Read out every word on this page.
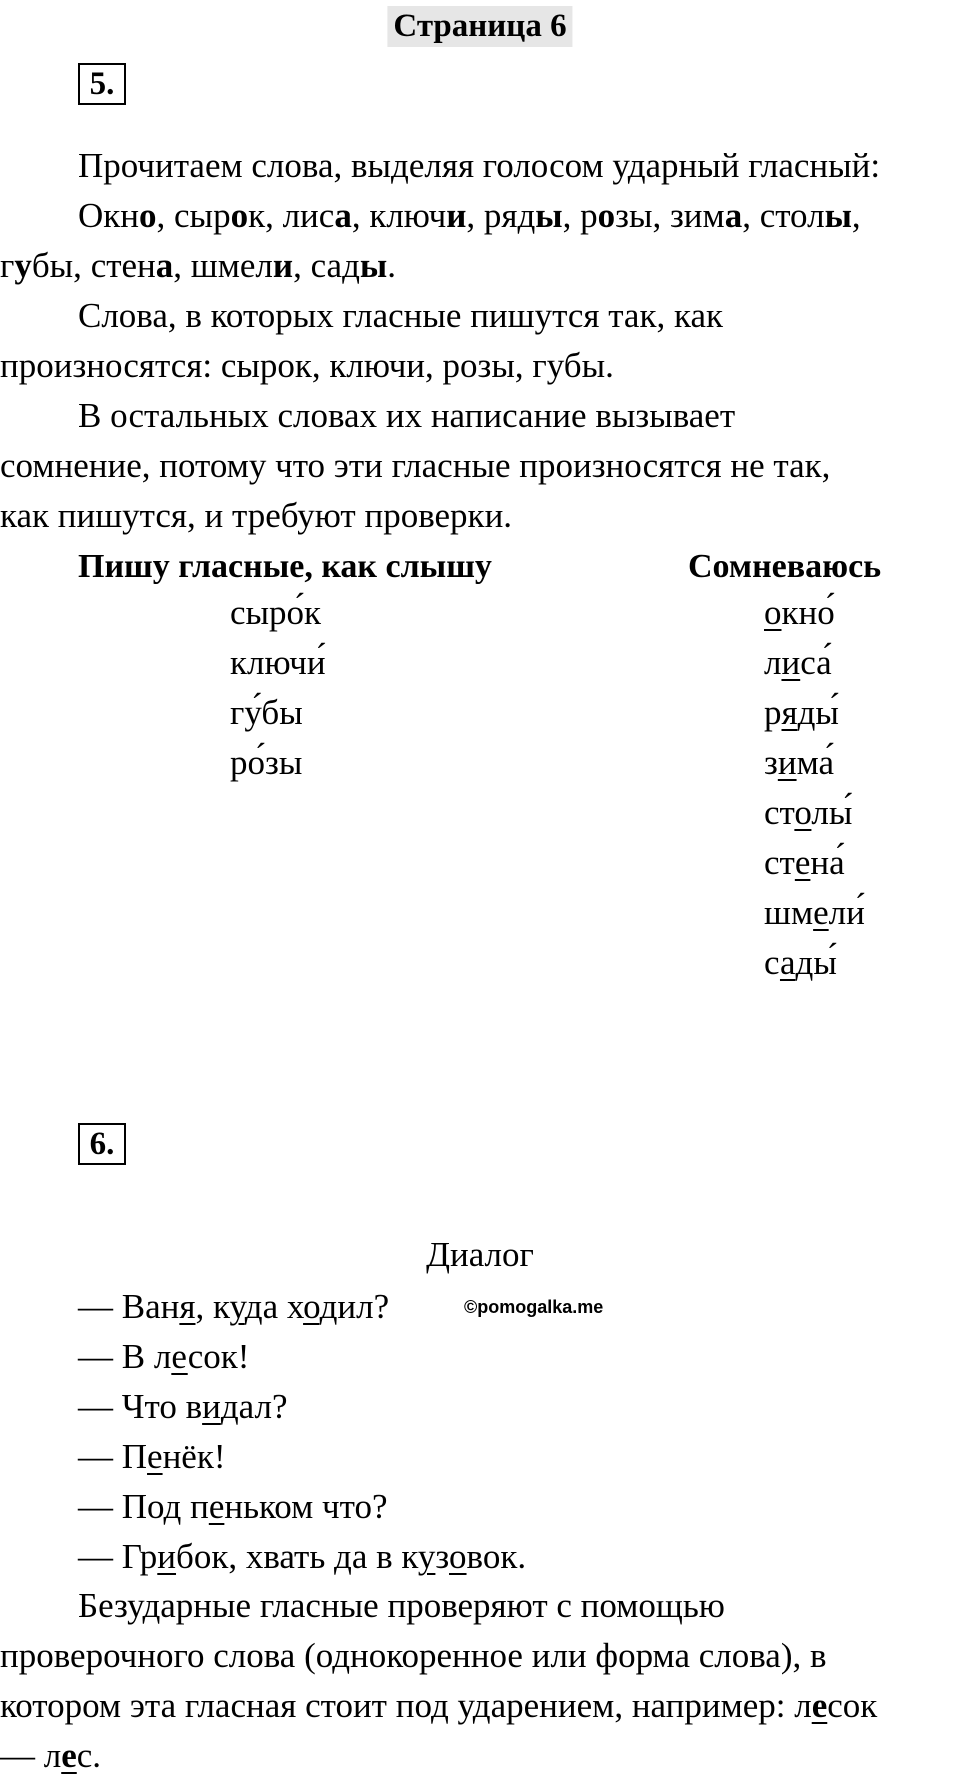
Страница 6
5.
Прочитаем слова, выделяя голосом ударный гласный:
Окно, сырок, лиса, ключи, ряды, розы, зима, столы,
губы, стена, шмели, сады.
Слова, в которых гласные пишутся так, как
произносятся: сырок, ключи, розы, губы.
В остальных словах их написание вызывает
сомнение, потому что эти гласные произносятся не так,
как пишутся, и требуют проверки.
Пишу гласные, как слышу	Сомневаюсь
сыро́к
ключи́
гу́бы
ро́зы
окно́
лиса́
ряды́
зима́
столы́
стена́
шмели́
сады́
6.
Диалог
©pomogalka.me
— Ваня, куда ходил?
— В лесок!
— Что видал?
— Пенёк!
— Под пеньком что?
— Грибок, хвать да в кузовок.
Безударные гласные проверяют с помощью
проверочного слова (однокоренное или форма слова), в
котором эта гласная стоит под ударением, например: лесок
— лес.
